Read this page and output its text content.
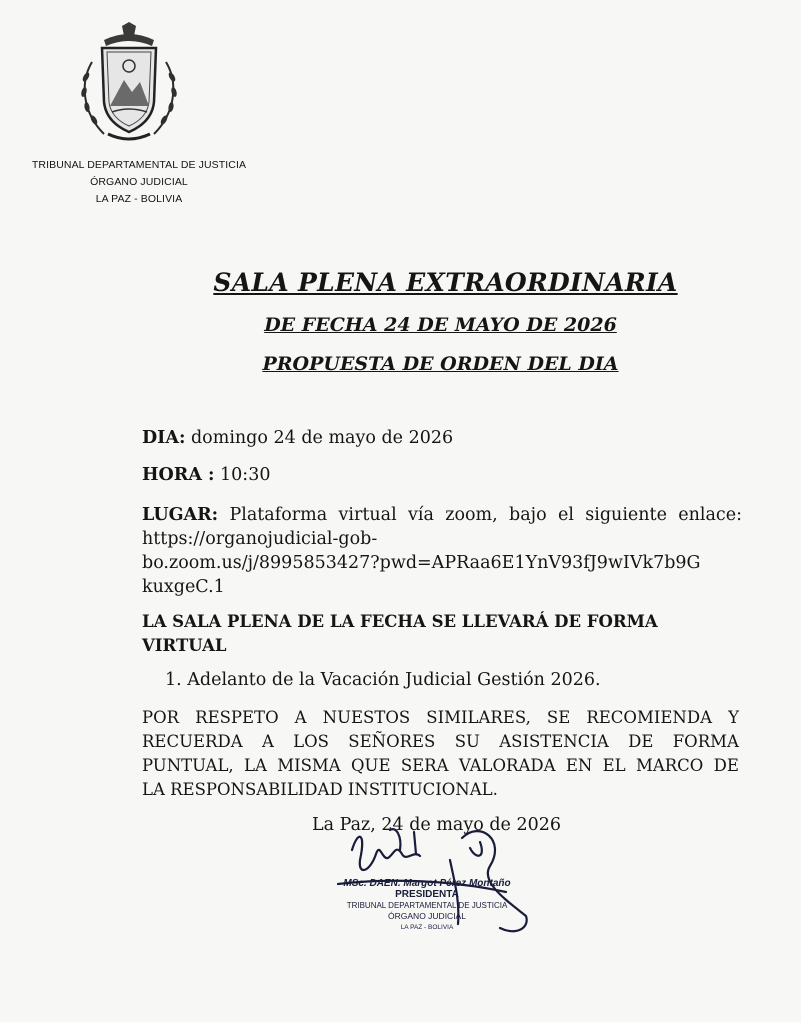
TRIBUNAL DEPARTAMENTAL DE JUSTICIA
ÓRGANO JUDICIAL
LA PAZ - BOLIVIA
SALA PLENA EXTRAORDINARIA
DE FECHA 24 DE MAYO DE 2026
PROPUESTA DE ORDEN DEL DIA
DIA: domingo 24 de mayo de 2026
HORA : 10:30
LUGAR: Plataforma virtual vía zoom, bajo el siguiente enlace:
https://organojudicial-gob-
bo.zoom.us/j/8995853427?pwd=APRaa6E1YnV93fJ9wIVk7b9G
kuxgeC.1
LA SALA PLENA DE LA FECHA SE LLEVARÁ DE FORMA VIRTUAL
1. Adelanto de la Vacación Judicial Gestión 2026.
POR RESPETO A NUESTOS SIMILARES, SE RECOMIENDA Y
RECUERDA A LOS SEÑORES SU ASISTENCIA DE FORMA
PUNTUAL, LA MISMA QUE SERA VALORADA EN EL MARCO DE
LA RESPONSABILIDAD INSTITUCIONAL.
La Paz, 24 de mayo de 2026
MSc. DAEN. Margot Pérez Montaño
PRESIDENTA
TRIBUNAL DEPARTAMENTAL DE JUSTICIA
ÓRGANO JUDICIAL
LA PAZ - BOLIVIA
